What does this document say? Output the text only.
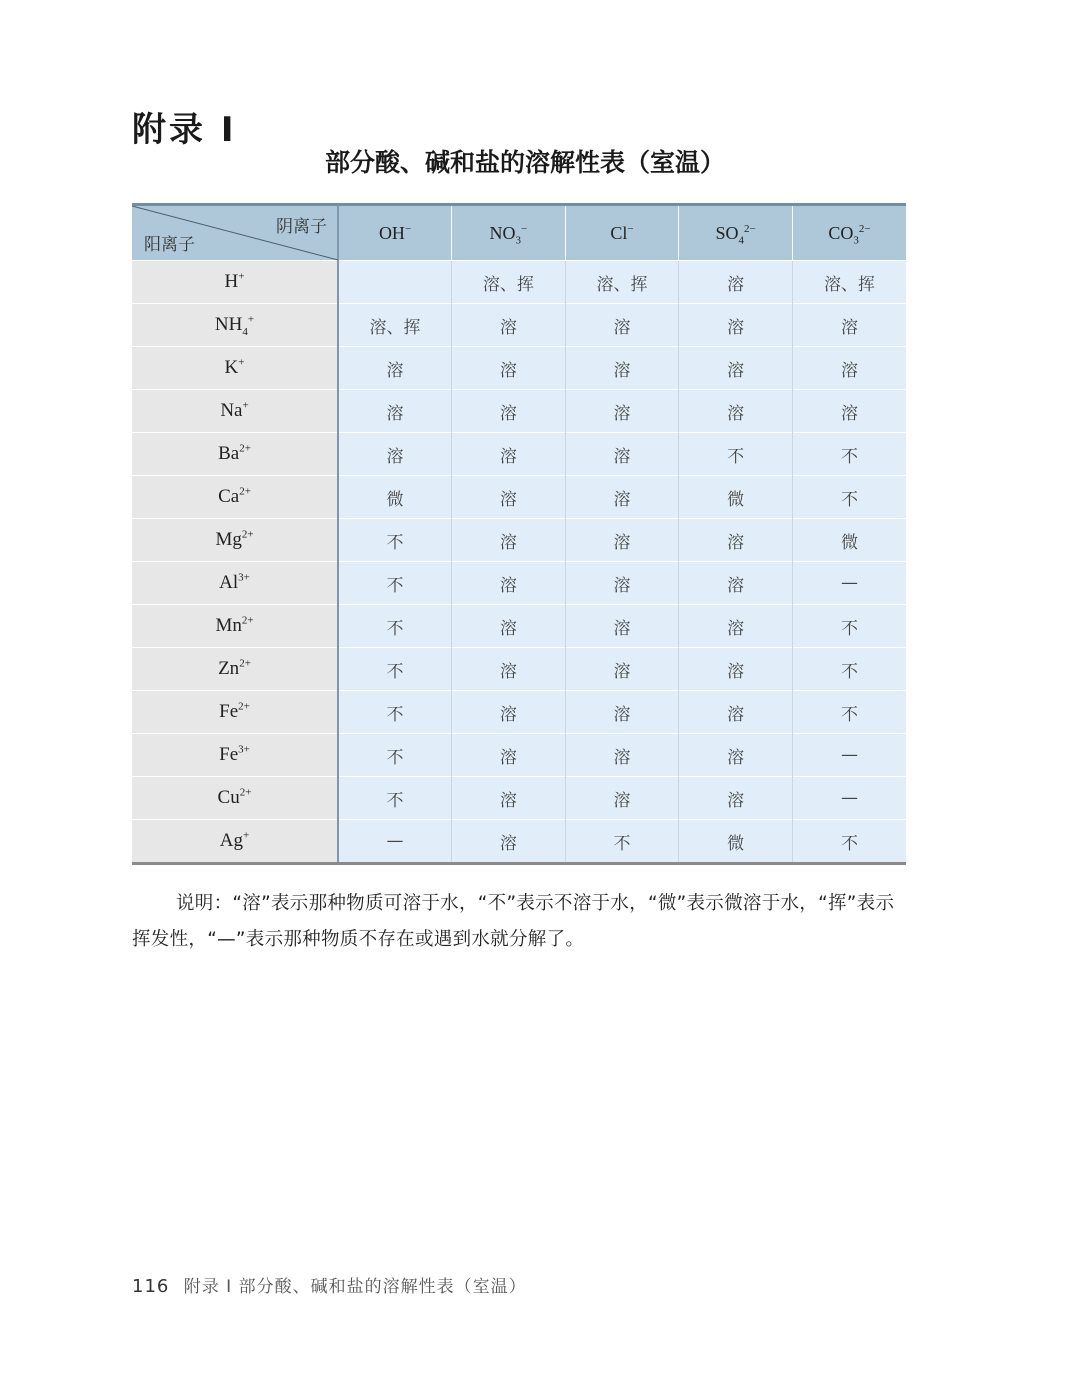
附录 I
部分酸、碱和盐的溶解性表（室温）
阴离子
阳离子	OH−	$NO_3^-$	Cl−	$SO_4^{2-}$	$CO_3^{2-}$
H+		溶、挥	溶、挥	溶	溶、挥
$NH_4^+$	溶、挥	溶	溶	溶	溶
K+	溶	溶	溶	溶	溶
Na+	溶	溶	溶	溶	溶
$Ba^{2+}$	溶	溶	溶	不	不
$Ca^{2+}$	微	溶	溶	微	不
$Mg^{2+}$	不	溶	溶	溶	微
$Al^{3+}$	不	溶	溶	溶	—
$Mn^{2+}$	不	溶	溶	溶	不
$Zn^{2+}$	不	溶	溶	溶	不
$Fe^{2+}$	不	溶	溶	溶	不
$Fe^{3+}$	不	溶	溶	溶	—
$Cu^{2+}$	不	溶	溶	溶	—
Ag+	—	溶	不	微	不
说明：“溶”表示那种物质可溶于水，“不”表示不溶于水，“微”表示微溶于水，“挥”表示挥发性，“—”表示那种物质不存在或遇到水就分解了。
116 附录 I 部分酸、碱和盐的溶解性表（室温）
